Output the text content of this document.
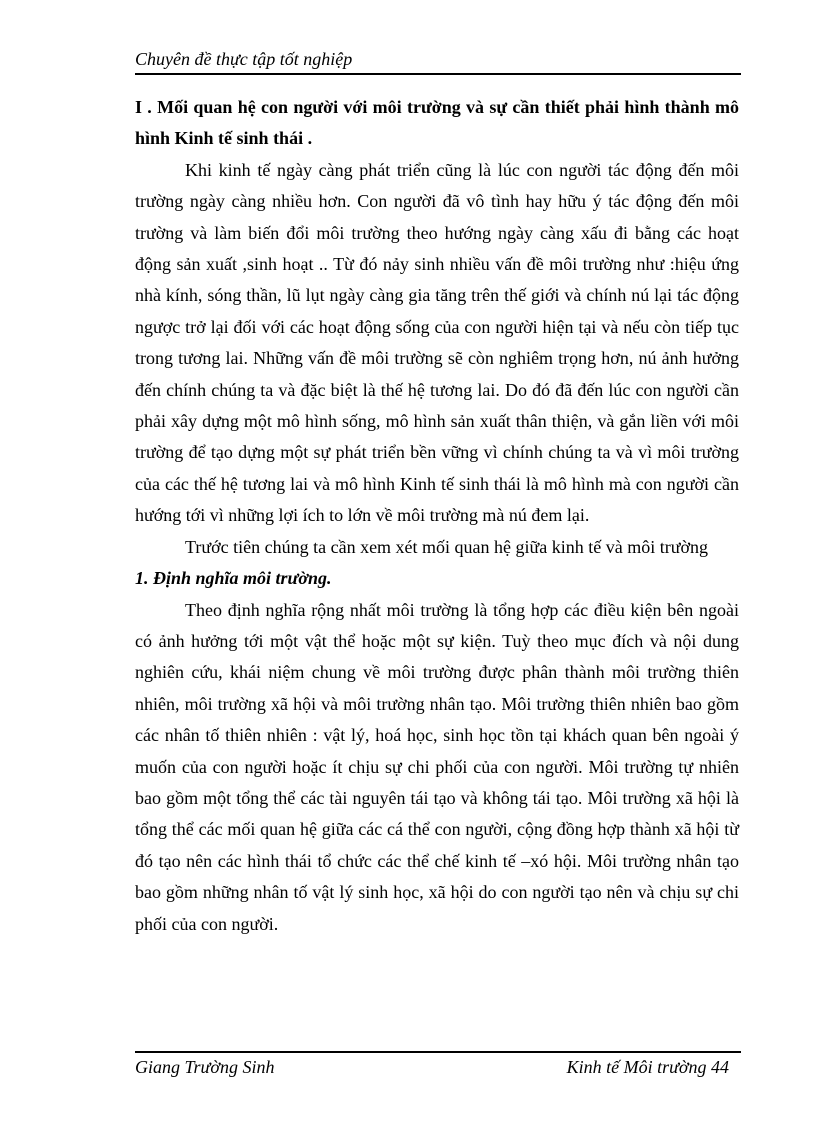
Chuyên đề thực tập tốt nghiệp

I . Mối quan hệ con người với môi trường và sự cần thiết phải hình thành mô hình Kinh tế sinh thái .

Khi kinh tế ngày càng phát triển cũng là lúc con người tác động đến môi trường ngày càng nhiều hơn. Con người đã vô tình hay hữu ý tác động đến môi trường và làm biến đổi môi trường theo hướng ngày càng xấu đi bằng các hoạt động sản xuất ,sinh hoạt .. Từ đó nảy sinh nhiều vấn đề môi trường như :hiệu ứng nhà kính, sóng thần, lũ lụt ngày càng gia tăng trên thế giới và chính nú lại tác động ngược trở lại đối với các hoạt động sống của con người hiện tại và nếu còn tiếp tục trong tương lai. Những vấn đề môi trường sẽ còn nghiêm trọng hơn, nú ảnh hưởng đến chính chúng ta và đặc biệt là thế hệ tương lai. Do đó đã đến lúc con người cần phải xây dựng một mô hình sống, mô hình sản xuất thân thiện, và gắn liền với môi trường để tạo dựng một sự phát triển bền vững vì chính chúng ta và vì môi trường của các thế hệ tương lai và mô hình Kinh tế sinh thái là mô hình mà con người cần hướng tới vì những lợi ích to lớn về môi trường mà nú đem lại.

Trước tiên chúng ta cần xem xét mối quan hệ giữa kinh tế và môi trường

1. Định nghĩa môi trường.

Theo định nghĩa rộng nhất môi trường là tổng hợp các điều kiện bên ngoài có ảnh hưởng tới một vật thể hoặc một sự kiện. Tuỳ theo mục đích và nội dung nghiên cứu, khái niệm chung về môi trường được phân thành môi trường thiên nhiên, môi trường xã hội và môi trường nhân tạo. Môi trường thiên nhiên bao gồm các nhân tố thiên nhiên : vật lý, hoá học, sinh học tồn tại khách quan bên ngoài ý muốn của con người hoặc ít chịu sự chi phối của con người. Môi trường tự nhiên bao gồm một tổng thể các tài nguyên tái tạo và không tái tạo. Môi trường xã hội là tổng thể các mối quan hệ giữa các cá thể con người, cộng đồng hợp thành xã hội từ đó tạo nên các hình thái tổ chức các thể chế kinh tế –xó hội. Môi trường nhân tạo bao gồm những nhân tố vật lý sinh học, xã hội do con người tạo nên và chịu sự chi phối của con người.

Giang Trường Sinh	Kinh tế Môi trường 44
